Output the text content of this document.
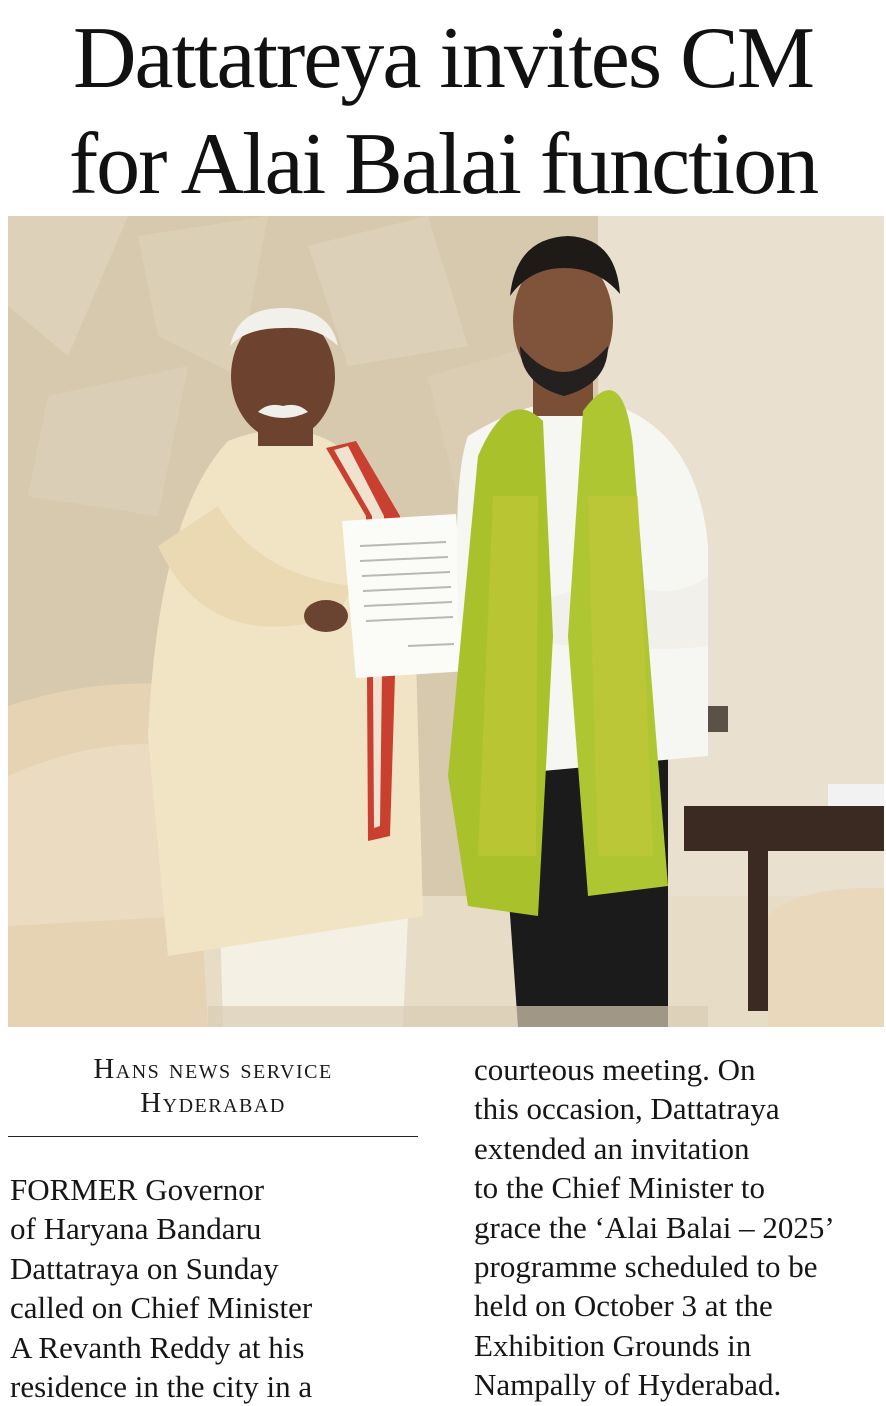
Dattatreya invites CM
for Alai Balai function
Hans news service
Hyderabad
FORMER Governor
of Haryana Bandaru
Dattatraya on Sunday
called on Chief Minister
A Revanth Reddy at his
residence in the city in a
courteous meeting. On
this occasion, Dattatraya
extended an invitation
to the Chief Minister to
grace the ‘Alai Balai – 2025’
programme scheduled to be
held on October 3 at the
Exhibition Grounds in
Nampally of Hyderabad.
